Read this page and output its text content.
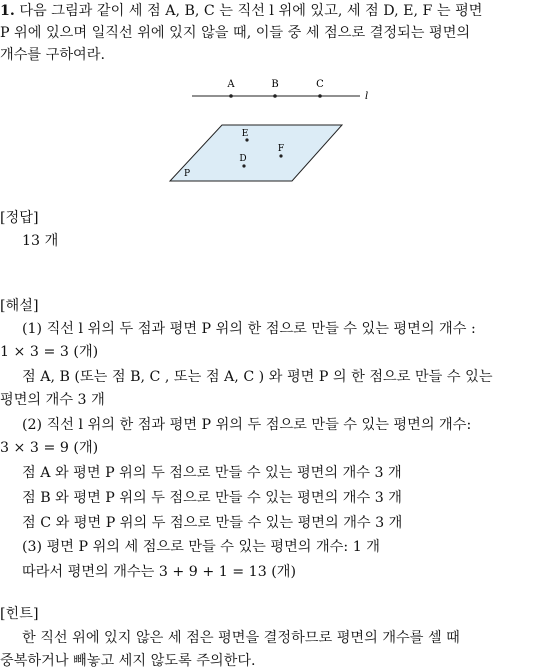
1. 다음 그림과 같이 세 점 A, B, C 는 직선 l 위에 있고, 세 점 D, E, F 는 평면
P 위에 있으며 일직선 위에 있지 않을 때, 이들 중 세 점으로 결정되는 평면의
개수를 구하여라.
A	B	C
l
E
F
D
P
[정답]
13 개
[해설]
(1) 직선 l 위의 두 점과 평면 P 위의 한 점으로 만들 수 있는 평면의 개수 :
1 × 3 = 3 (개)
점 A, B (또는 점 B, C , 또는 점 A, C ) 와 평면 P 의 한 점으로 만들 수 있는
평면의 개수 3 개
(2) 직선 l 위의 한 점과 평면 P 위의 두 점으로 만들 수 있는 평면의 개수:
3 × 3 = 9 (개)
점 A 와 평면 P 위의 두 점으로 만들 수 있는 평면의 개수 3 개
점 B 와 평면 P 위의 두 점으로 만들 수 있는 평면의 개수 3 개
점 C 와 평면 P 위의 두 점으로 만들 수 있는 평면의 개수 3 개
(3) 평면 P 위의 세 점으로 만들 수 있는 평면의 개수: 1 개
따라서 평면의 개수는 3 + 9 + 1 = 13 (개)
[힌트]
한 직선 위에 있지 않은 세 점은 평면을 결정하므로 평면의 개수를 셀 때
중복하거나 빼놓고 세지 않도록 주의한다.
